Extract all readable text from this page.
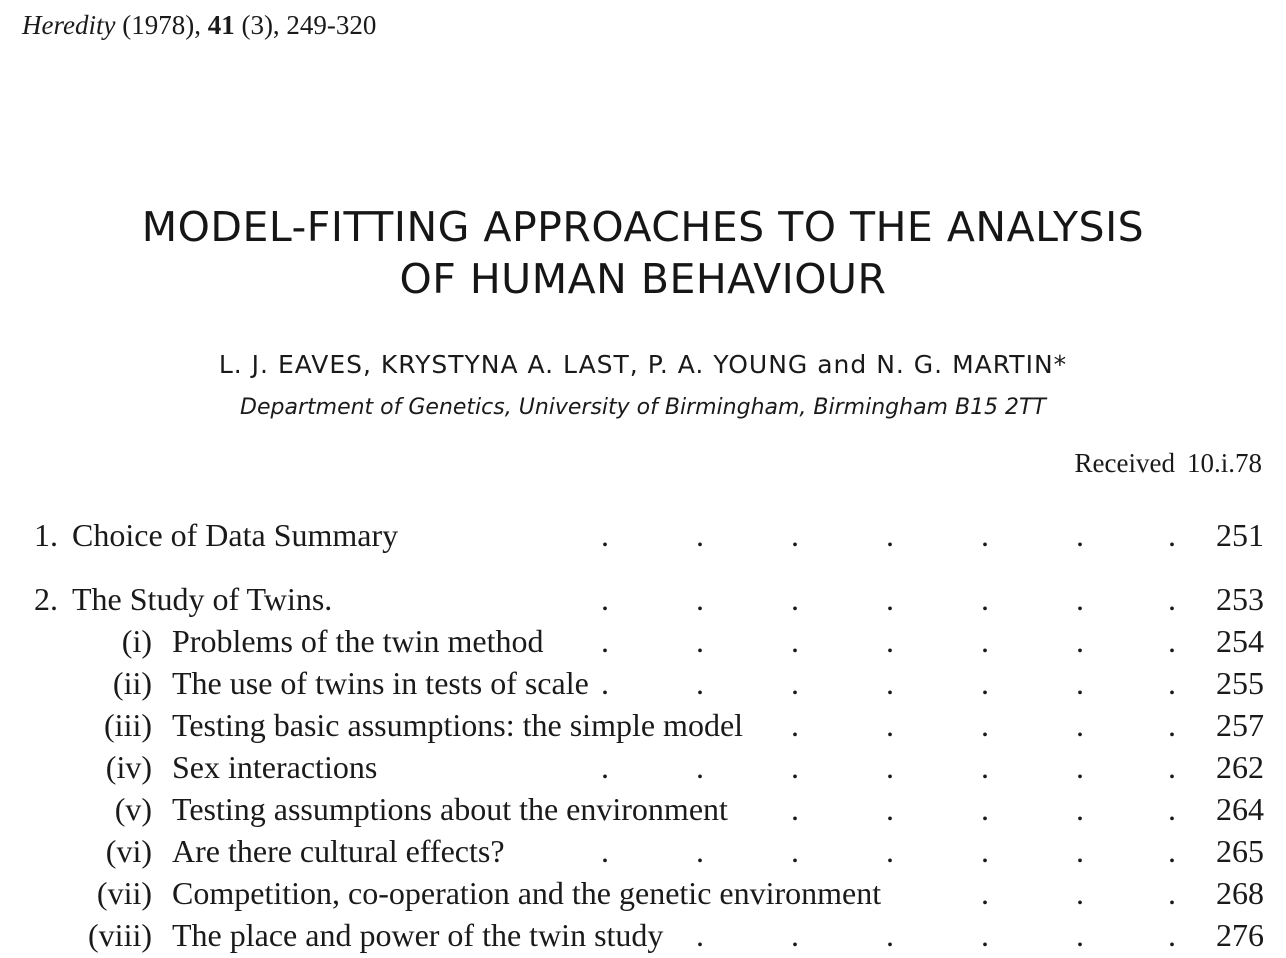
Heredity (1978), 41 (3), 249-320
MODEL-FITTING APPROACHES TO THE ANALYSIS
OF HUMAN BEHAVIOUR
L. J. EAVES, KRYSTYNA A. LAST, P. A. YOUNG and N. G. MARTIN*
Department of Genetics, University of Birmingham, Birmingham B15 2TT
Received 10.i.78
1. Choice of Data Summary	251
.	.	.	.	.	.	.
2. The Study of Twins.	253
.	.	.	.	.	.	.
(i) Problems of the twin method	254
.	.	.	.	.	.	.
(ii) The use of twins in tests of scale	255
.	.	.	.	.	.	.
(iii) Testing basic assumptions: the simple model	257
.	.	.	.	.
(iv) Sex interactions	262
.	.	.	.	.	.	.
(v) Testing assumptions about the environment	264
.	.	.	.	.
(vi) Are there cultural effects?	265
.	.	.	.	.	.	.
(vii) Competition, co-operation and the genetic environment	268
.	.	.
(viii) The place and power of the twin study	276
.	.	.	.	.	.
